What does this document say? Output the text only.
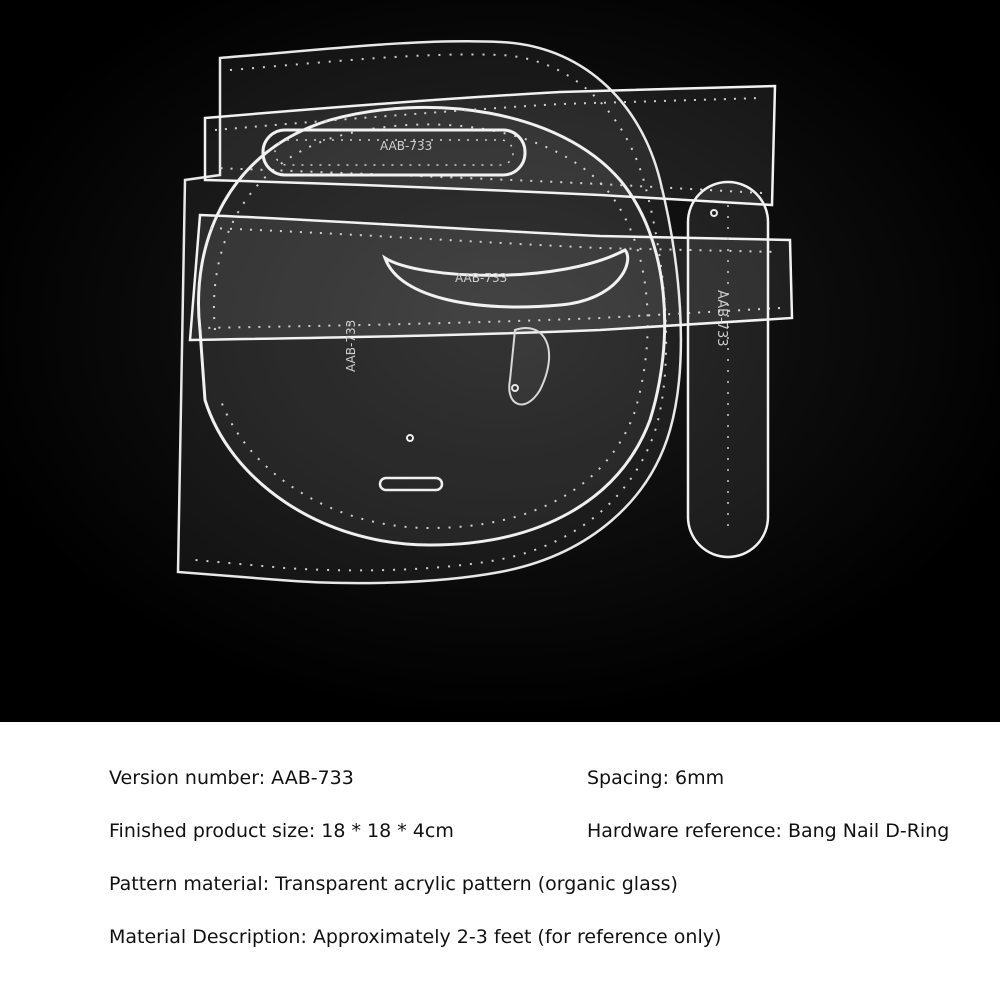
AAB-733
AAB-733
AAB-733	AAB-733
Version number: AAB-733	Spacing: 6mm
Finished product size: 18 * 18 * 4cm	Hardware reference: Bang Nail D-Ring
Pattern material: Transparent acrylic pattern (organic glass)
Material Description: Approximately 2-3 feet (for reference only)
